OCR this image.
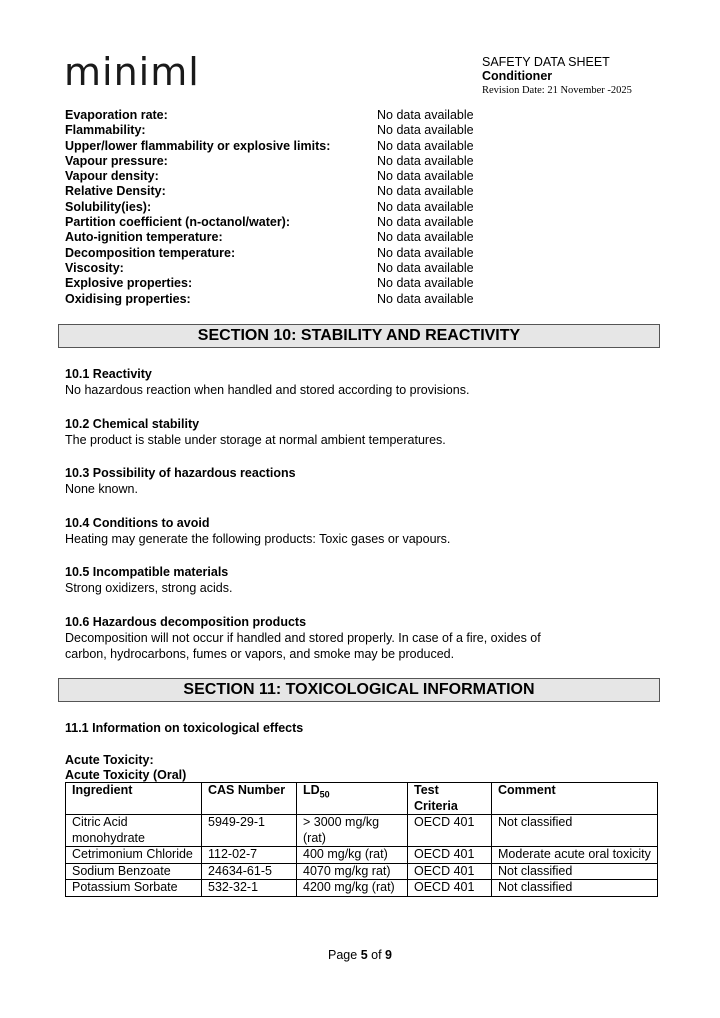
miniml	SAFETY DATA SHEET
Conditioner
Revision Date: 21 November -2025
Evaporation rate:	No data available
Flammability:	No data available
Upper/lower flammability or explosive limits:	No data available
Vapour pressure:	No data available
Vapour density:	No data available
Relative Density:	No data available
Solubility(ies):	No data available
Partition coefficient (n-octanol/water):	No data available
Auto-ignition temperature:	No data available
Decomposition temperature:	No data available
Viscosity:	No data available
Explosive properties:	No data available
Oxidising properties:	No data available
SECTION 10: STABILITY AND REACTIVITY
10.1 Reactivity
No hazardous reaction when handled and stored according to provisions.
10.2 Chemical stability
The product is stable under storage at normal ambient temperatures.
10.3 Possibility of hazardous reactions
None known.
10.4 Conditions to avoid
Heating may generate the following products: Toxic gases or vapours.
10.5 Incompatible materials
Strong oxidizers, strong acids.
10.6 Hazardous decomposition products
Decomposition will not occur if handled and stored properly. In case of a fire, oxides of
carbon, hydrocarbons, fumes or vapors, and smoke may be produced.
SECTION 11: TOXICOLOGICAL INFORMATION
11.1 Information on toxicological effects
Acute Toxicity:
Acute Toxicity (Oral)
Ingredient	CAS Number	$LD_{50}$	Test Criteria	Comment
Citric Acid monohydrate	5949-29-1	> 3000 mg/kg (rat)	OECD 401	Not classified
Cetrimonium Chloride	112-02-7	400 mg/kg (rat)	OECD 401	Moderate acute oral toxicity
Sodium Benzoate	24634-61-5	4070 mg/kg rat)	OECD 401	Not classified
Potassium Sorbate	532-32-1	4200 mg/kg (rat)	OECD 401	Not classified
Page 5 of 9
